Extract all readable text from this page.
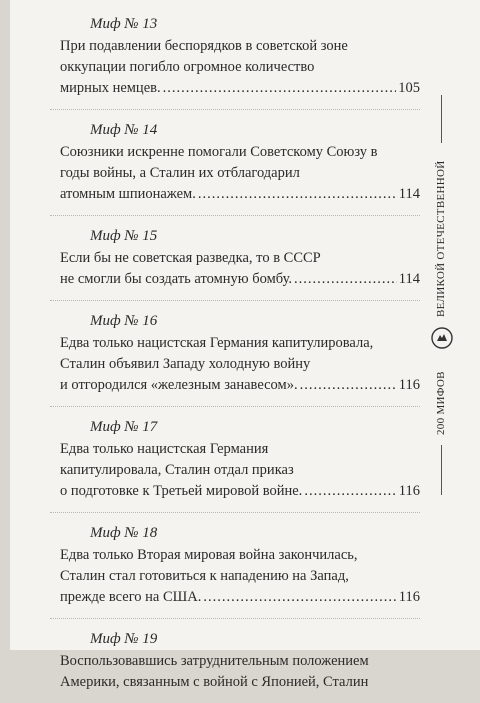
Миф № 13
При подавлении беспорядков в советской зоне
оккупации погибло огромное количество
мирных немцев. .....	105
Миф № 14
Союзники искренне помогали Советскому Союзу в
годы войны, а Сталин их отблагодарил
атомным шпионажем. .....	114
Миф № 15
Если бы не советская разведка, то в СССР
не смогли бы создать атомную бомбу. .....	114
Миф № 16
Едва только нацистская Германия капитулировала,
Сталин объявил Западу холодную войну
и отгородился «железным занавесом». .....	116
Миф № 17
Едва только нацистская Германия
капитулировала, Сталин отдал приказ
о подготовке к Третьей мировой войне. .....	116
Миф № 18
Едва только Вторая мировая война закончилась,
Сталин стал готовиться к нападению на Запад,
прежде всего на США. .....	116
Миф № 19
Воспользовавшись затруднительным положением
Америки, связанным с войной с Японией, Сталин
ВЕЛИКОЙ ОТЕЧЕСТВЕННОЙ
200 МИФОВ
